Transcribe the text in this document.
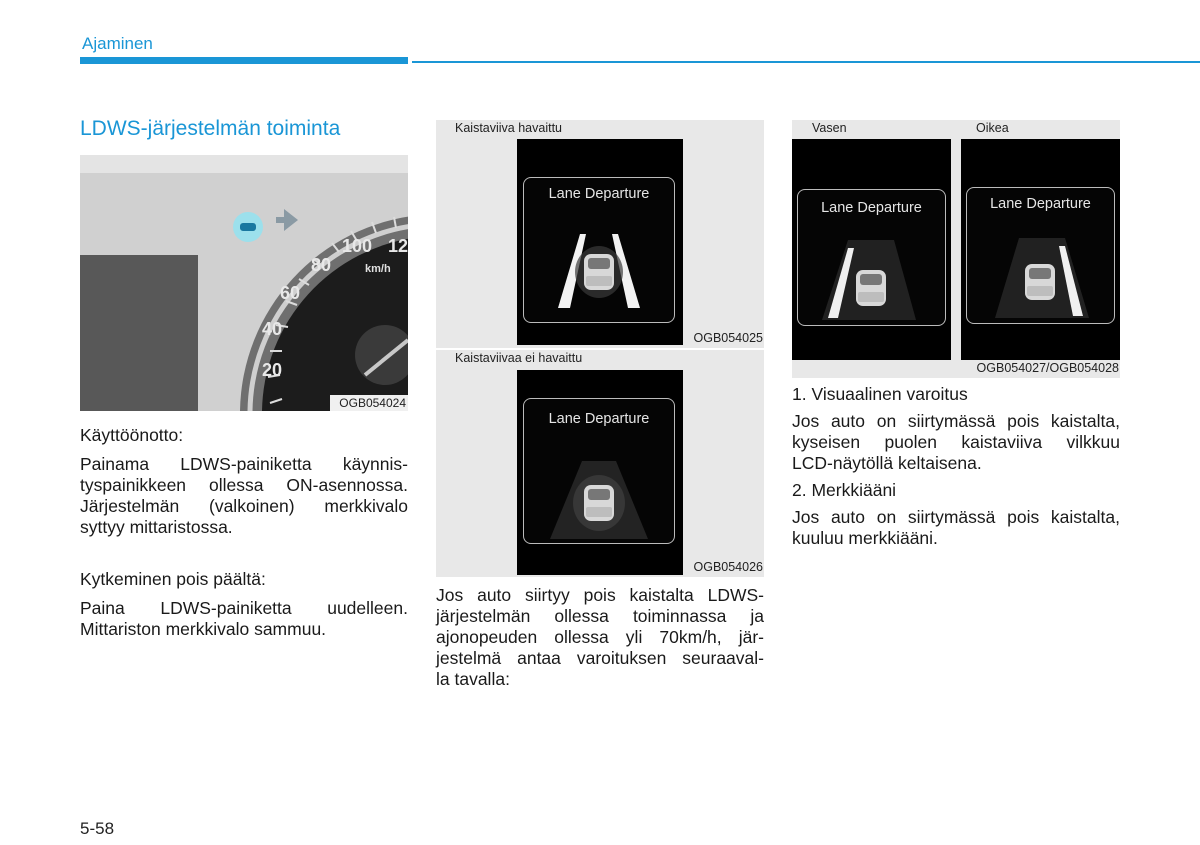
Ajaminen
LDWS-järjestelmän toiminta
20
40
60
80
100 12
km/h
OGB054024
Käyttöönotto:
Painama LDWS-painiketta käynnis-
tyspainikkeen ollessa ON-asennossa.
Järjestelmän (valkoinen) merkkivalo
syttyy mittaristossa.
Kytkeminen pois päältä:
Paina LDWS-painiketta uudelleen.
Mittariston merkkivalo sammuu.
Kaistaviiva havaittu
Lane Departure
OGB054025
Kaistaviivaa ei havaittu
Lane Departure
OGB054026
Jos auto siirtyy pois kaistalta LDWS-
järjestelmän ollessa toiminnassa ja
ajonopeuden ollessa yli 70km/h, jär-
jestelmä antaa varoituksen seuraaval-
la tavalla:
Vasen	Oikea
Lane Departure	Lane Departure
OGB054027/OGB054028
1. Visuaalinen varoitus
Jos auto on siirtymässä pois kaistalta,
kyseisen puolen kaistaviiva vilkkuu
LCD-näytöllä keltaisena.
2. Merkkiääni
Jos auto on siirtymässä pois kaistalta,
kuuluu merkkiääni.
5-58
